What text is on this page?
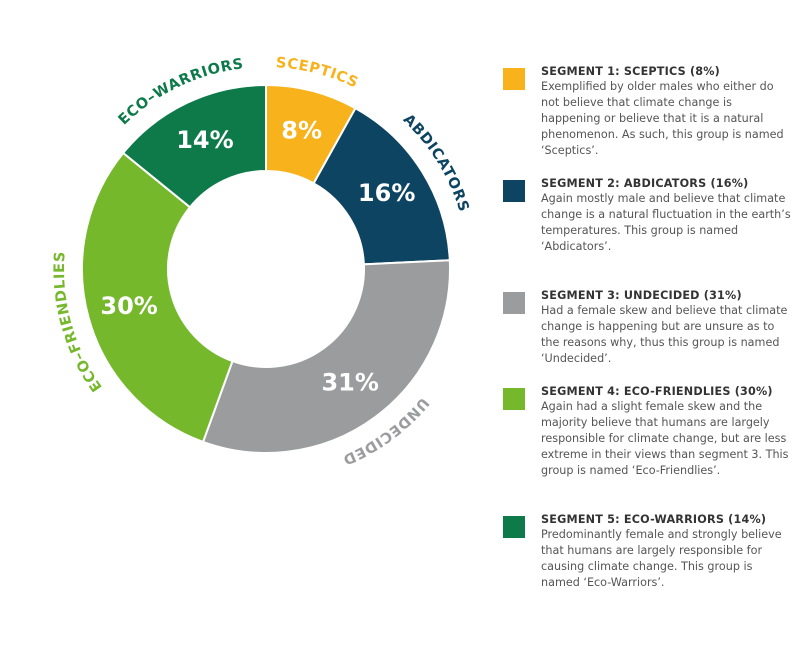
8%
SCEPTICS
16%
ABDICATORS
31%
UNDECIDED
30%
ECO–FRIENDLIES
14%
ECO–WARRIORS	SEGMENT 1: SCEPTICS (8%)
Exemplified by older males who either do not believe that climate change is happening or believe that it is a natural phenomenon. As such, this group is named ‘Sceptics’.
SEGMENT 2: ABDICATORS (16%)
Again mostly male and believe that climate change is a natural fluctuation in the earth’s temperatures. This group is named ‘Abdicators’.
SEGMENT 3: UNDECIDED (31%)
Had a female skew and believe that climate change is happening but are unsure as to the reasons why, thus this group is named ‘Undecided’.
SEGMENT 4: ECO-FRIENDLIES (30%)
Again had a slight female skew and the majority believe that humans are largely responsible for climate change, but are less extreme in their views than segment 3. This group is named ‘Eco-Friendlies’.
SEGMENT 5: ECO-WARRIORS (14%)
Predominantly female and strongly believe that humans are largely responsible for causing climate change. This group is named ‘Eco-Warriors’.
